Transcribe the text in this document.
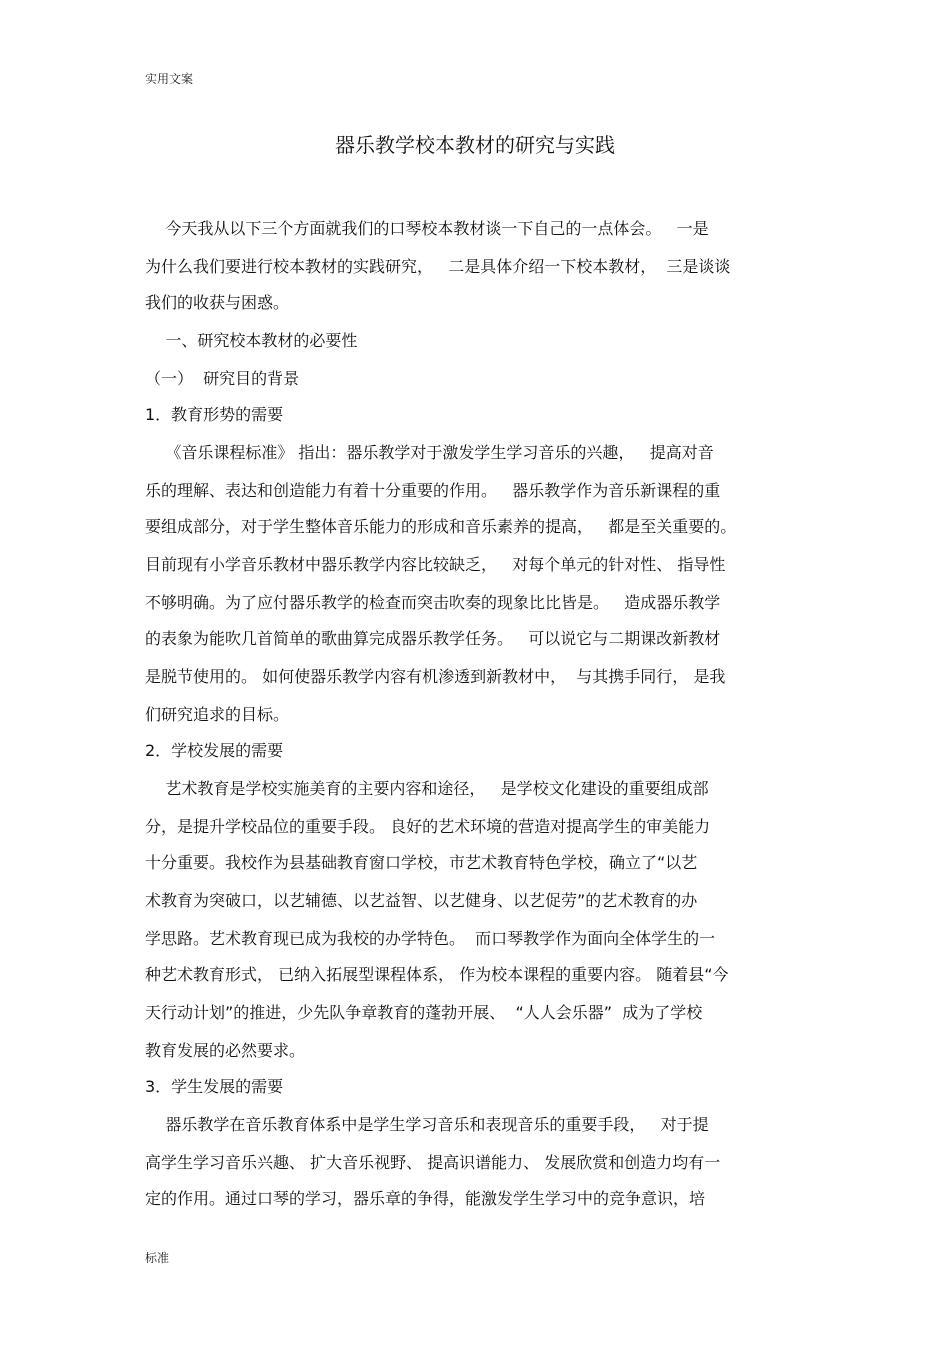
实用文案
器乐教学校本教材的研究与实践
今天我从以下三个方面就我们的口琴校本教材谈一下自己的一点体会。   一是
为什么我们要进行校本教材的实践研究，   二是具体介绍一下校本教材，  三是谈谈
我们的收获与困惑。
一、研究校本教材的必要性
（一）  研究目的背景
1．教育形势的需要
《音乐课程标准》 指出：器乐教学对于激发学生学习音乐的兴趣，   提高对音
乐的理解、表达和创造能力有着十分重要的作用。   器乐教学作为音乐新课程的重
要组成部分，对于学生整体音乐能力的形成和音乐素养的提高，   都是至关重要的。
目前现有小学音乐教材中器乐教学内容比较缺乏，   对每个单元的针对性、 指导性
不够明确。为了应付器乐教学的检查而突击吹奏的现象比比皆是。   造成器乐教学
的表象为能吹几首简单的歌曲算完成器乐教学任务。   可以说它与二期课改新教材
是脱节使用的。 如何使器乐教学内容有机渗透到新教材中，  与其携手同行， 是我
们研究追求的目标。
2．学校发展的需要
艺术教育是学校实施美育的主要内容和途径，   是学校文化建设的重要组成部
分，是提升学校品位的重要手段。 良好的艺术环境的营造对提高学生的审美能力
十分重要。我校作为县基础教育窗口学校，市艺术教育特色学校，确立了“以艺
术教育为突破口，以艺辅德、以艺益智、以艺健身、以艺促劳”的艺术教育的办
学思路。艺术教育现已成为我校的办学特色。  而口琴教学作为面向全体学生的一
种艺术教育形式， 已纳入拓展型课程体系， 作为校本课程的重要内容。 随着县“今
天行动计划”的推进，少先队争章教育的蓬勃开展、  “人人会乐器”  成为了学校
教育发展的必然要求。
3．学生发展的需要
器乐教学在音乐教育体系中是学生学习音乐和表现音乐的重要手段，   对于提
高学生学习音乐兴趣、 扩大音乐视野、 提高识谱能力、 发展欣赏和创造力均有一
定的作用。通过口琴的学习，器乐章的争得，能激发学生学习中的竞争意识，培
标准
